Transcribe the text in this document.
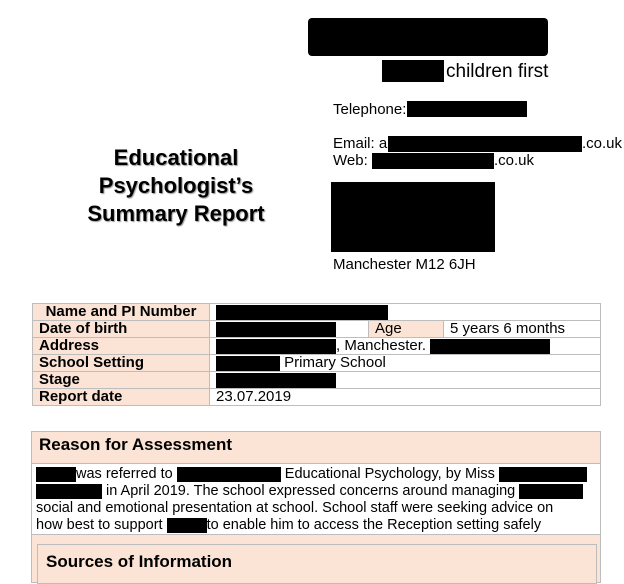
children first
Telephone:
Email: a	.co.uk
Web:	.co.uk
Manchester M12 6JH
Educational
Psychologist’s
Summary Report
Name and PI Number			
Date of birth		Age	5 years 6 months
Address	, Manchester.		
School Setting	Primary School		
Stage			
Report date	23.07.2019		
Reason for Assessment
was referred to	Educational Psychology, by Miss
in April 2019. The school expressed concerns around managing
social and emotional presentation at school. School staff were seeking advice on
how best to support	to enable him to access the Reception setting safely
Sources of Information
